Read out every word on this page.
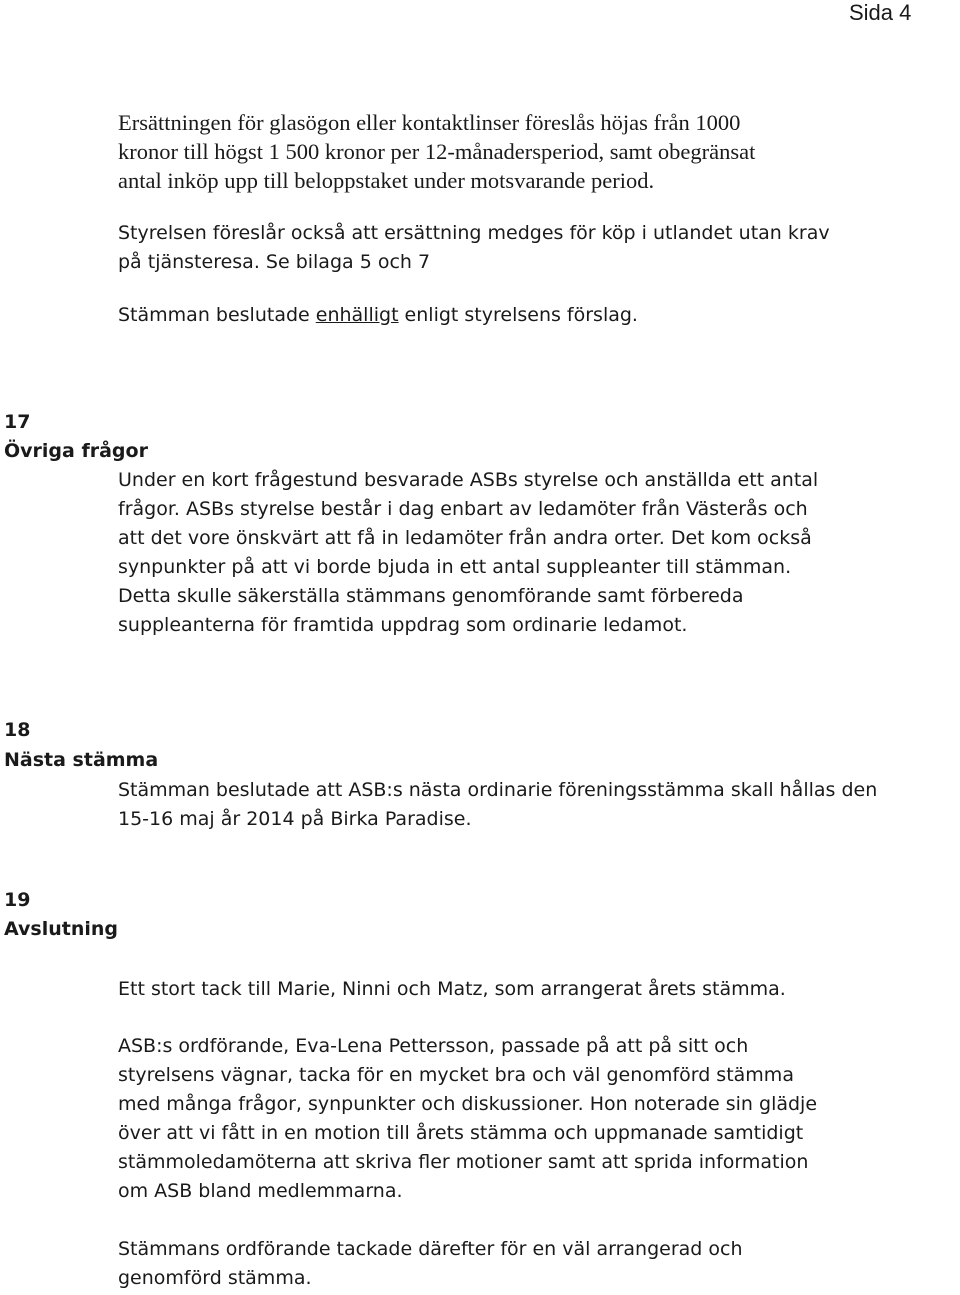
Sida 4
Ersättningen för glasögon eller kontaktlinser föreslås höjas från 1000
kronor till högst 1 500 kronor per 12-månadersperiod, samt obegränsat
antal inköp upp till beloppstaket under motsvarande period.
Styrelsen föreslår också att ersättning medges för köp i utlandet utan krav
på tjänsteresa. Se bilaga 5 och 7
Stämman beslutade enhälligt enligt styrelsens förslag.
17
Övriga frågor
Under en kort frågestund besvarade ASBs styrelse och anställda ett antal
frågor. ASBs styrelse består i dag enbart av ledamöter från Västerås och
att det vore önskvärt att få in ledamöter från andra orter. Det kom också
synpunkter på att vi borde bjuda in ett antal suppleanter till stämman.
Detta skulle säkerställa stämmans genomförande samt förbereda
suppleanterna för framtida uppdrag som ordinarie ledamot.
18
Nästa stämma
Stämman beslutade att ASB:s nästa ordinarie föreningsstämma skall hållas den
15-16 maj år 2014 på Birka Paradise.
19
Avslutning
Ett stort tack till Marie, Ninni och Matz, som arrangerat årets stämma.
ASB:s ordförande, Eva-Lena Pettersson, passade på att på sitt och
styrelsens vägnar, tacka för en mycket bra och väl genomförd stämma
med många frågor, synpunkter och diskussioner. Hon noterade sin glädje
över att vi fått in en motion till årets stämma och uppmanade samtidigt
stämmoledamöterna att skriva fler motioner samt att sprida information
om ASB bland medlemmarna.
Stämmans ordförande tackade därefter för en väl arrangerad och
genomförd stämma.
